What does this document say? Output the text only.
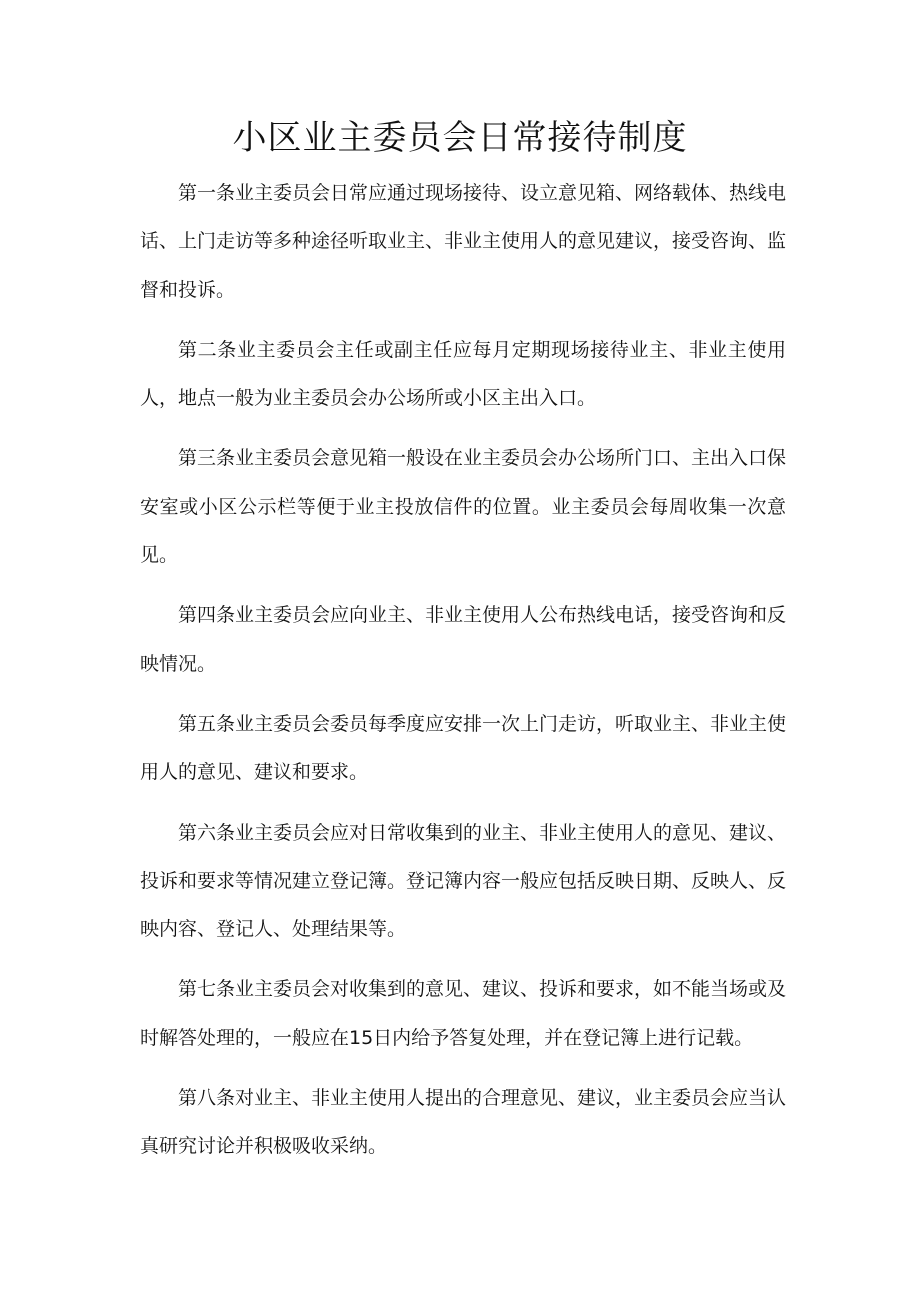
小区业主委员会日常接待制度

第一条业主委员会日常应通过现场接待、设立意见箱、网络载体、热线电话、上门走访等多种途径听取业主、非业主使用人的意见建议，接受咨询、监督和投诉。

第二条业主委员会主任或副主任应每月定期现场接待业主、非业主使用人，地点一般为业主委员会办公场所或小区主出入口。

第三条业主委员会意见箱一般设在业主委员会办公场所门口、主出入口保安室或小区公示栏等便于业主投放信件的位置。业主委员会每周收集一次意见。

第四条业主委员会应向业主、非业主使用人公布热线电话，接受咨询和反映情况。

第五条业主委员会委员每季度应安排一次上门走访，听取业主、非业主使用人的意见、建议和要求。

第六条业主委员会应对日常收集到的业主、非业主使用人的意见、建议、投诉和要求等情况建立登记簿。登记簿内容一般应包括反映日期、反映人、反映内容、登记人、处理结果等。

第七条业主委员会对收集到的意见、建议、投诉和要求，如不能当场或及时解答处理的，一般应在15日内给予答复处理，并在登记簿上进行记载。

第八条对业主、非业主使用人提出的合理意见、建议，业主委员会应当认真研究讨论并积极吸收采纳。
